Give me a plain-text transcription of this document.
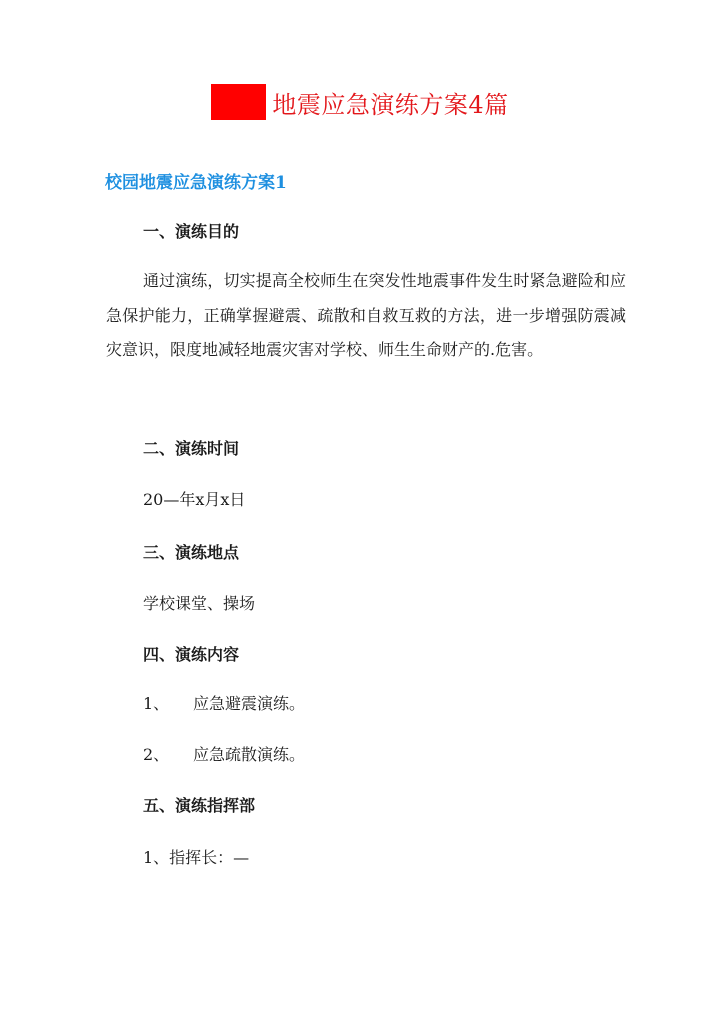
地震应急演练方案4篇
校园地震应急演练方案1
一、演练目的
通过演练，切实提高全校师生在突发性地震事件发生时紧急避险和应急保护能力，正确掌握避震、疏散和自救互救的方法，进一步增强防震减灾意识，限度地减轻地震灾害对学校、师生生命财产的.危害。
二、演练时间
20—年x月x日
三、演练地点
学校课堂、操场
四、演练内容
1、	应急避震演练。
2、	应急疏散演练。
五、演练指挥部
1、指挥长：—
